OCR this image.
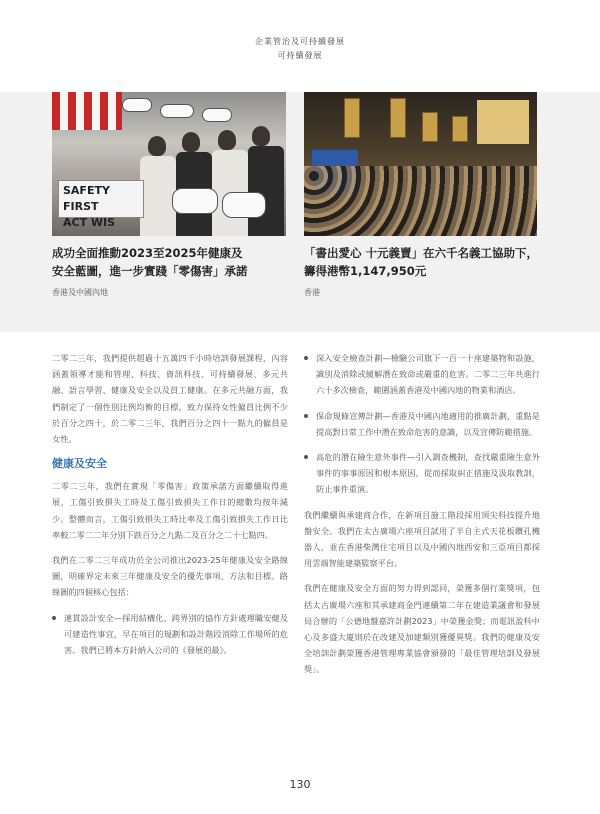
企業管治及可持續發展
可持續發展
SAFETY FIRST
ACT WIS
成功全面推動2023至2025年健康及
安全藍圖，進一步實踐「零傷害」承諾
香港及中國內地
「書出愛心 十元義賣」在六千名義工協助下，
籌得港幣1,147,950元
香港

二零二三年，我們提供超過十五萬四千小時培訓發展課程，內容涵蓋領導才能和管理、科技、資訊科技、可持續發展、多元共融、語言學習、健康及安全以及員工健康。在多元共融方面，我們制定了一個性別比例均衡的目標，致力保持女性僱員比例不少於百分之四十，於二零二三年，我們百分之四十一點九的僱員是女性。

健康及安全

二零二三年，我們在實現「零傷害」政策承諾方面繼續取得進展，工傷引致損失工時及工傷引致損失工作日的總數均按年減少。整體而言，工傷引致損失工時比率及工傷引致損失工作日比率較二零二二年分別下跌百分之九點二及百分之二十七點四。

我們在二零二三年成功於全公司推出2023-25年健康及安全路線圖，明確界定未來三年健康及安全的優先事項、方法和目標。路線圖的四個核心包括：

連貫設計安全—採用結構化、跨界別的協作方針處理職安健及可建造性事宜，早在項目的規劃和設計階段消除工作場所的危害。我們已將本方針納入公司的《發展的最》。
深入安全檢查計劃—檢驗公司旗下一百一十座建築物和設施，識別及消除或緩解潛在致命或嚴重的危害。二零二三年共進行六十多次檢查，範圍涵蓋香港及中國內地的物業和酒店。
保命規條宣傳計劃—香港及中國內地適用的推廣計劃，重點是提高對日常工作中潛在致命危害的意識，以及宣傳防範措施。
高危的潛在險生意外事件—引入調查機制，查找嚴重險生意外事件的事事原因和根本原因，從而採取糾正措施及汲取教訓，防止事件重演。

我們繼續與承建商合作，在新項目施工階段採用頂尖科技提升地盤安全。我們在太古廣場六座項目試用了半自主式天花板鑽孔機器人，並在香港柴灣住宅項目以及中國內地西安和三亞項目都採用雲端智能建築監察平台。

我們在健康及安全方面的努力得到認同，榮獲多個行業獎項，包括太古廣場六座和其承建商金門連續第二年在建造業議會和發展局合辦的「公德地盤嘉許計劃2023」中榮獲金獎；而電訊盈科中心及多盛大廈則於在改建及加建類別獲優異獎。我們的健康及安全培訓計劃榮獲香港管理專業協會頒發的「最佳管理培訓及發展獎」。

130
